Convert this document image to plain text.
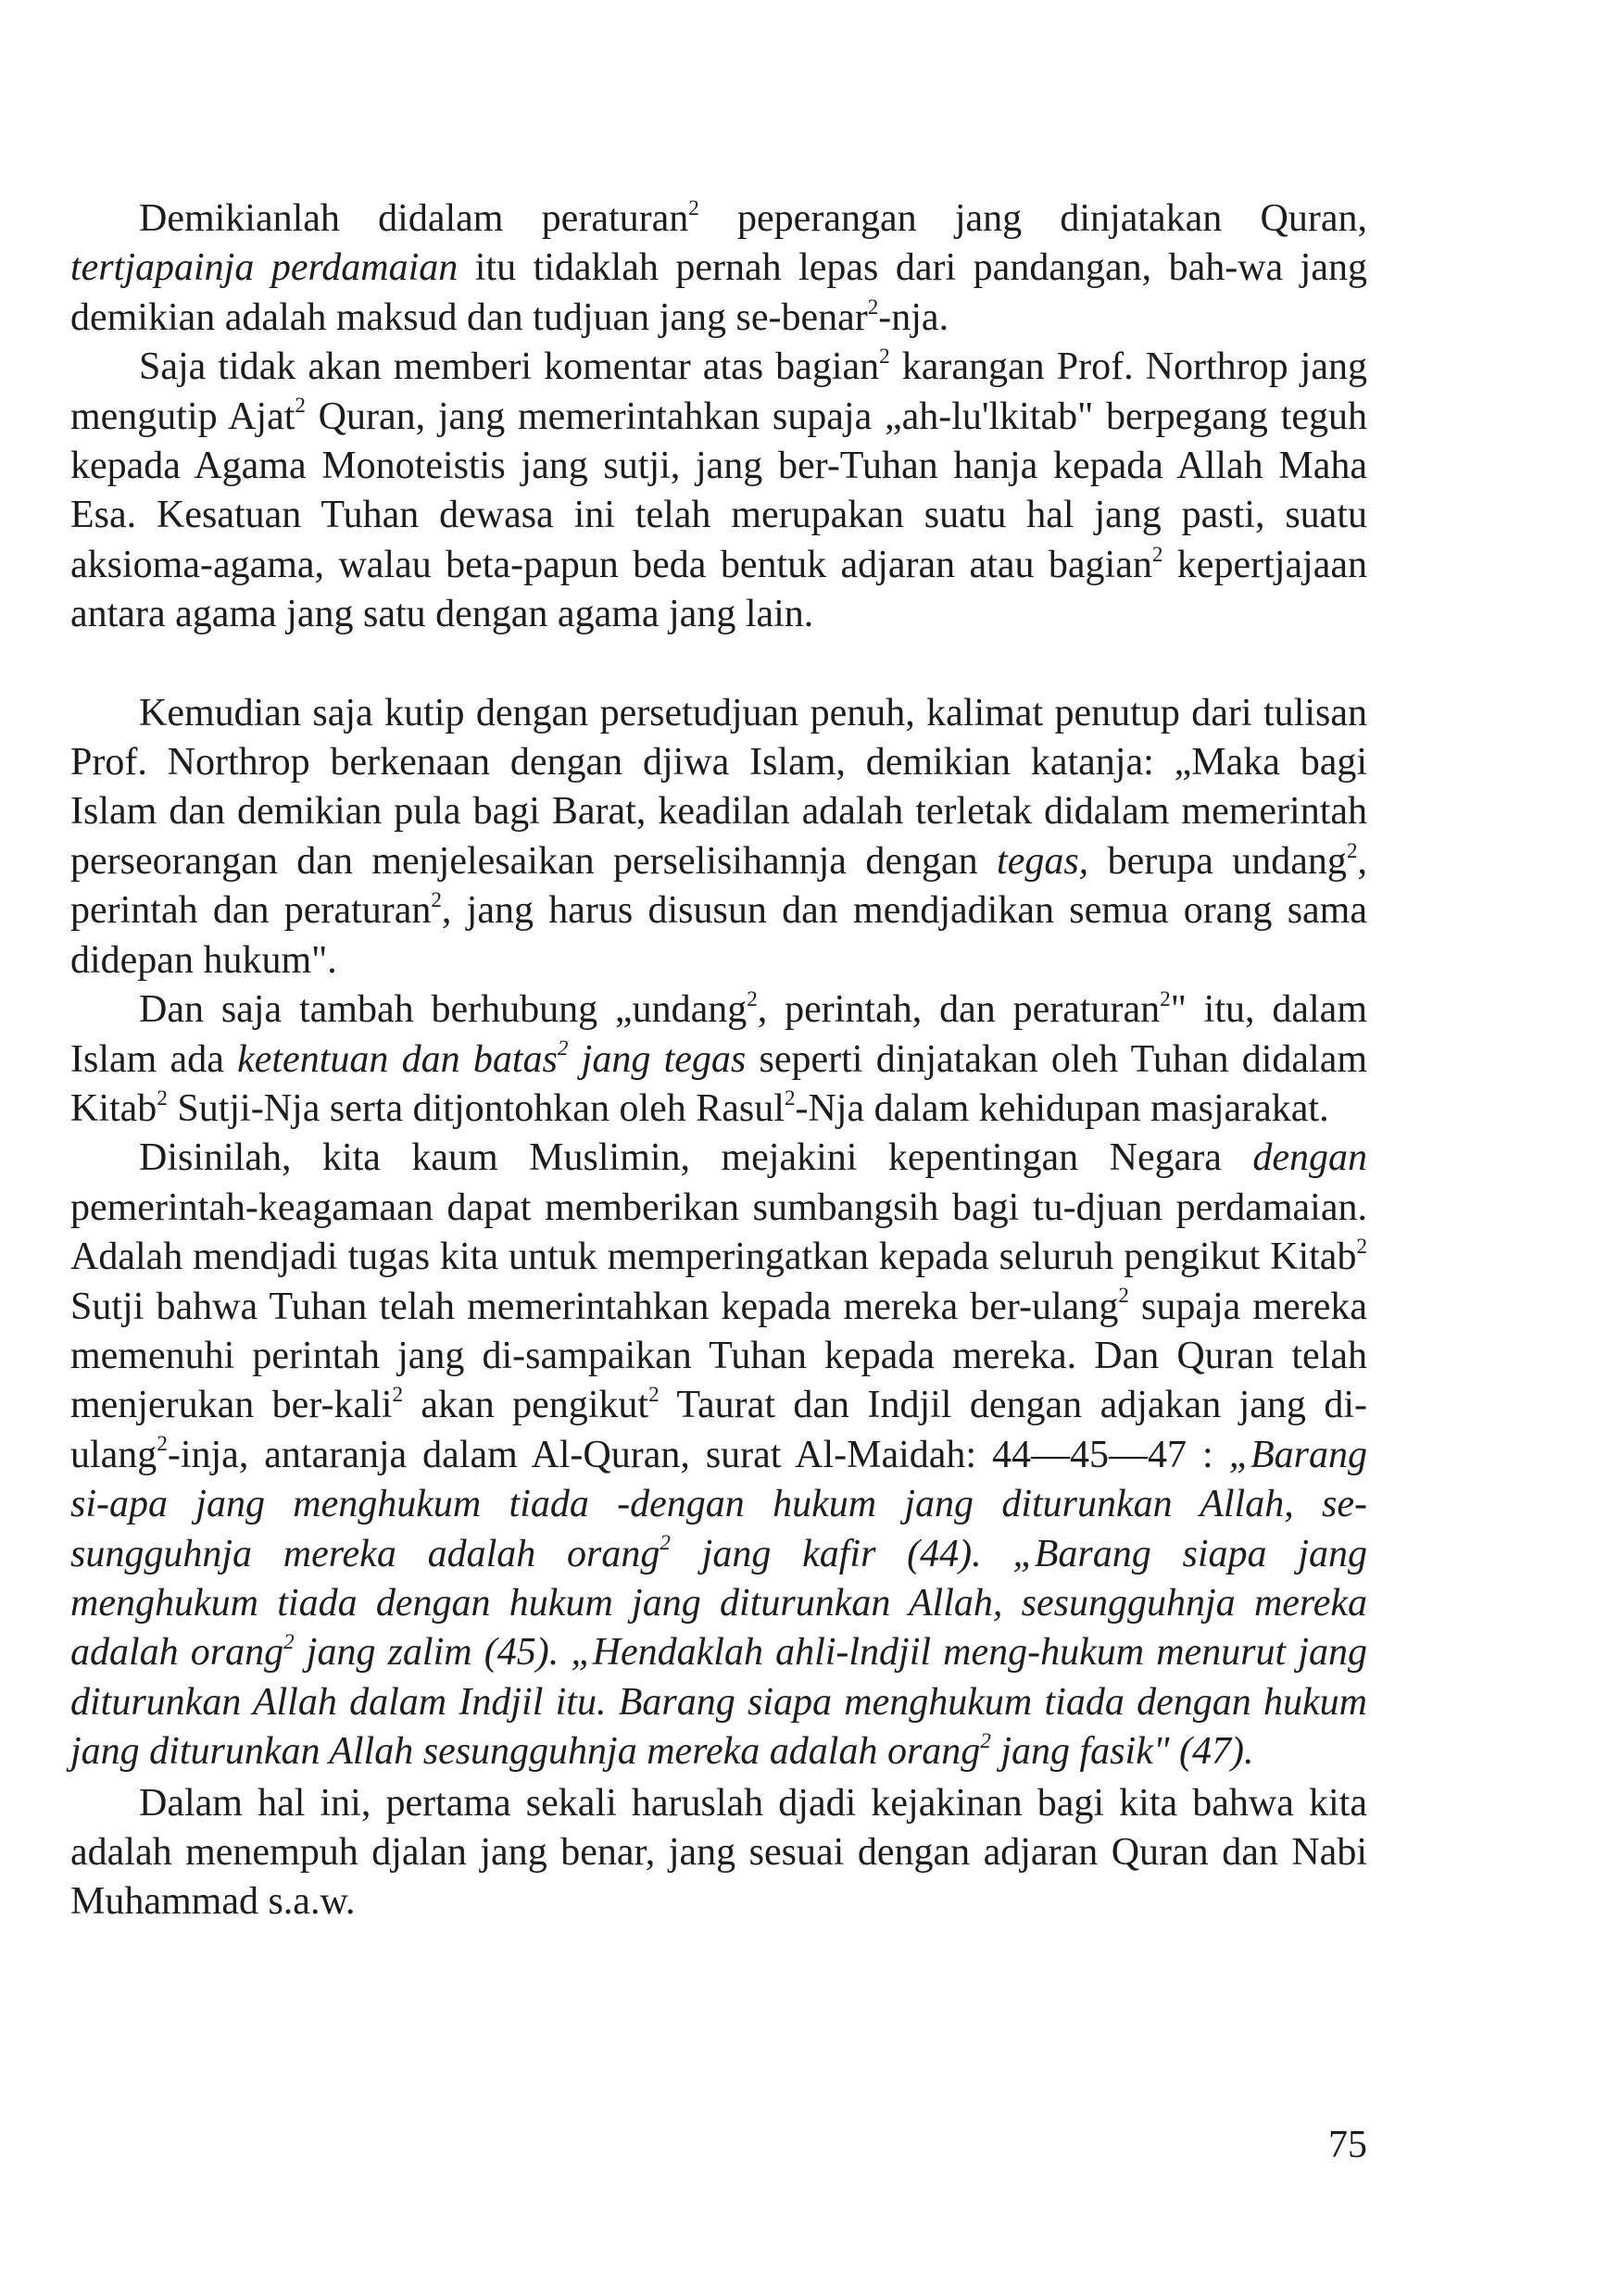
Demikianlah didalam peraturan$^2$ peperangan jang dinjatakan Quran, tertjapainja perdamaian itu tidaklah pernah lepas dari pandangan, bah-wa jang demikian adalah maksud dan tudjuan jang se-benar$^2$-nja.

Saja tidak akan memberi komentar atas bagian$^2$ karangan Prof. Northrop jang mengutip Ajat$^2$ Quran, jang memerintahkan supaja „ah-lu'lkitab" berpegang teguh kepada Agama Monoteistis jang sutji, jang ber-Tuhan hanja kepada Allah Maha Esa. Kesatuan Tuhan dewasa ini telah merupakan suatu hal jang pasti, suatu aksioma-agama, walau beta-papun beda bentuk adjaran atau bagian$^2$ kepertjajaan antara agama jang satu dengan agama jang lain.

Kemudian saja kutip dengan persetudjuan penuh, kalimat penutup dari tulisan Prof. Northrop berkenaan dengan djiwa Islam, demikian katanja: „Maka bagi Islam dan demikian pula bagi Barat, keadilan adalah terletak didalam memerintah perseorangan dan menjelesaikan perselisihannja dengan tegas, berupa undang$^2$, perintah dan peraturan$^2$, jang harus disusun dan mendjadikan semua orang sama didepan hukum".

Dan saja tambah berhubung „undang$^2$, perintah, dan peraturan$^2$" itu, dalam Islam ada ketentuan dan batas$^2$ jang tegas seperti dinjatakan oleh Tuhan didalam Kitab$^2$ Sutji-Nja serta ditjontohkan oleh Rasul$^2$-Nja dalam kehidupan masjarakat.

Disinilah, kita kaum Muslimin, mejakini kepentingan Negara dengan pemerintah-keagamaan dapat memberikan sumbangsih bagi tu-djuan perdamaian. Adalah mendjadi tugas kita untuk memperingatkan kepada seluruh pengikut Kitab$^2$ Sutji bahwa Tuhan telah memerintahkan kepada mereka ber-ulang$^2$ supaja mereka memenuhi perintah jang di-sampaikan Tuhan kepada mereka. Dan Quran telah menjerukan ber-kali$^2$ akan pengikut$^2$ Taurat dan Indjil dengan adjakan jang di-ulang$^2$-inja, antaranja dalam Al-Quran, surat Al-Maidah: 44—45—47 : „Barang si-apa jang menghukum tiada -dengan hukum jang diturunkan Allah, se-sungguhnja mereka adalah orang$^2$ jang kafir (44). „Barang siapa jang menghukum tiada dengan hukum jang diturunkan Allah, sesungguhnja mereka adalah orang$^2$ jang zalim (45). „Hendaklah ahli-lndjil meng-hukum menurut jang diturunkan Allah dalam Indjil itu. Barang siapa menghukum tiada dengan hukum jang diturunkan Allah sesungguhnja mereka adalah orang$^2$ jang fasik" (47).

Dalam hal ini, pertama sekali haruslah djadi kejakinan bagi kita bahwa kita adalah menempuh djalan jang benar, jang sesuai dengan adjaran Quran dan Nabi Muhammad s.a.w.

75
